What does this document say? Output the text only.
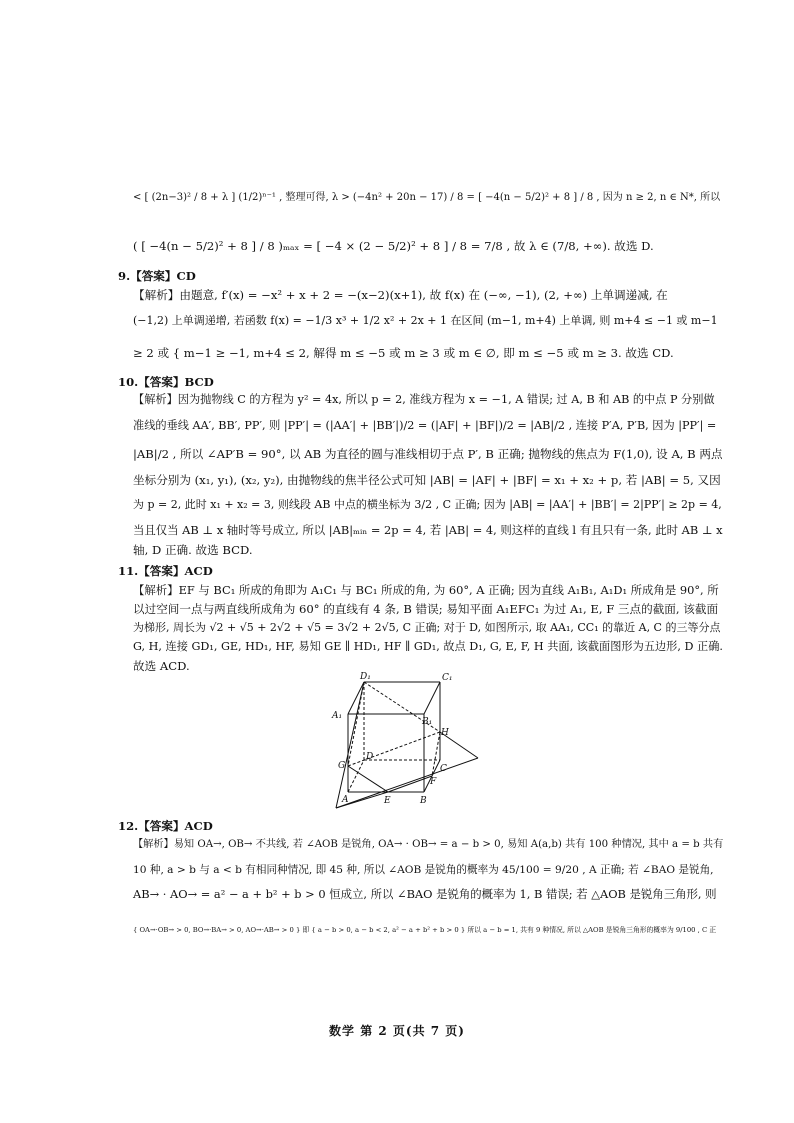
< [ (2n−3)² / 8 + λ ] (1/2)ⁿ⁻¹ , 整理可得, λ > (−4n² + 20n − 17) / 8 = [ −4(n − 5/2)² + 8 ] / 8 , 因为 n ≥ 2, n ∈ N*, 所以
( [ −4(n − 5/2)² + 8 ] / 8 )ₘₐₓ = [ −4 × (2 − 5/2)² + 8 ] / 8 = 7/8 , 故 λ ∈ (7/8, +∞). 故选 D.
9.【答案】CD
【解析】由题意, f′(x) = −x² + x + 2 = −(x−2)(x+1), 故 f(x) 在 (−∞, −1), (2, +∞) 上单调递减, 在
(−1,2) 上单调递增, 若函数 f(x) = −1/3 x³ + 1/2 x² + 2x + 1 在区间 (m−1, m+4) 上单调, 则 m+4 ≤ −1 或 m−1
≥ 2 或 { m−1 ≥ −1, m+4 ≤ 2, 解得 m ≤ −5 或 m ≥ 3 或 m ∈ ∅, 即 m ≤ −5 或 m ≥ 3. 故选 CD.
10.【答案】BCD
【解析】因为抛物线 C 的方程为 y² = 4x, 所以 p = 2, 准线方程为 x = −1, A 错误; 过 A, B 和 AB 的中点 P 分别做
准线的垂线 AA′, BB′, PP′, 则 |PP′| = (|AA′| + |BB′|)/2 = (|AF| + |BF|)/2 = |AB|/2 , 连接 P′A, P′B, 因为 |PP′| =
|AB|/2 , 所以 ∠AP′B = 90°, 以 AB 为直径的圆与准线相切于点 P′, B 正确; 抛物线的焦点为 F(1,0), 设 A, B 两点
坐标分别为 (x₁, y₁), (x₂, y₂), 由抛物线的焦半径公式可知 |AB| = |AF| + |BF| = x₁ + x₂ + p, 若 |AB| = 5, 又因
为 p = 2, 此时 x₁ + x₂ = 3, 则线段 AB 中点的横坐标为 3/2 , C 正确; 因为 |AB| = |AA′| + |BB′| = 2|PP′| ≥ 2p = 4,
当且仅当 AB ⊥ x 轴时等号成立, 所以 |AB|ₘᵢₙ = 2p = 4, 若 |AB| = 4, 则这样的直线 l 有且只有一条, 此时 AB ⊥ x
轴, D 正确. 故选 BCD.
11.【答案】ACD
【解析】EF 与 BC₁ 所成的角即为 A₁C₁ 与 BC₁ 所成的角, 为 60°, A 正确; 因为直线 A₁B₁, A₁D₁ 所成角是 90°, 所
以过空间一点与两直线所成角为 60° 的直线有 4 条, B 错误; 易知平面 A₁EFC₁ 为过 A₁, E, F 三点的截面, 该截面
为梯形, 周长为 √2 + √5 + 2√2 + √5 = 3√2 + 2√5, C 正确; 对于 D, 如图所示, 取 AA₁, CC₁ 的靠近 A, C 的三等分点
G, H, 连接 GD₁, GE, HD₁, HF, 易知 GE ∥ HD₁, HF ∥ GD₁, 故点 D₁, G, E, F, H 共面, 该截面图形为五边形, D 正确.
故选 ACD.
D₁	C₁
A₁
B₁
H
G
D
C
F
A	E	B
12.【答案】ACD
【解析】易知 OA→, OB→ 不共线, 若 ∠AOB 是锐角, OA→ · OB→ = a − b > 0, 易知 A(a,b) 共有 100 种情况, 其中 a = b 共有
10 种, a > b 与 a < b 有相同种情况, 即 45 种, 所以 ∠AOB 是锐角的概率为 45/100 = 9/20 , A 正确; 若 ∠BAO 是锐角,
AB→ · AO→ = a² − a + b² + b > 0 恒成立, 所以 ∠BAO 是锐角的概率为 1, B 错误; 若 △AOB 是锐角三角形, 则
{ OA→·OB→ > 0, BO→·BA→ > 0, AO→·AB→ > 0 } 即 { a − b > 0, a − b < 2, a² − a + b² + b > 0 } 所以 a − b = 1, 共有 9 种情况, 所以 △AOB 是锐角三角形的概率为 9/100 , C 正
数学 第 2 页(共 7 页)
